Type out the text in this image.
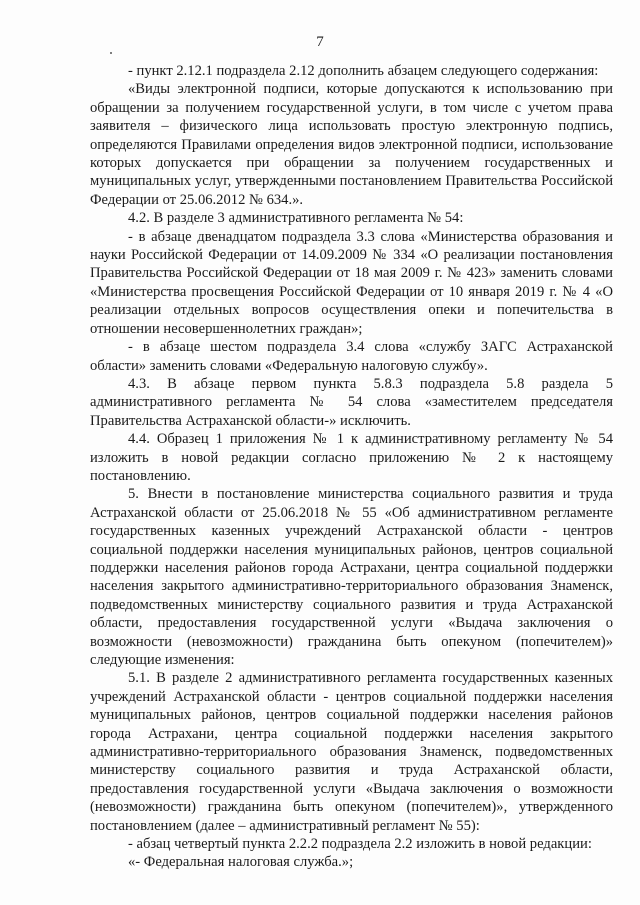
7

- пункт 2.12.1 подраздела 2.12 дополнить абзацем следующего содержания:

«Виды электронной подписи, которые допускаются к использованию при обращении за получением государственной услуги, в том числе с учетом права заявителя – физического лица использовать простую электронную подпись, определяются Правилами определения видов электронной подписи, использование которых допускается при обращении за получением государственных и муниципальных услуг, утвержденными постановлением Правительства Российской Федерации от 25.06.2012 № 634.».

4.2. В разделе 3 административного регламента № 54:

- в абзаце двенадцатом подраздела 3.3 слова «Министерства образования и науки Российской Федерации от 14.09.2009 № 334 «О реализации постановления Правительства Российской Федерации от 18 мая 2009 г. № 423» заменить словами «Министерства просвещения Российской Федерации от 10 января 2019 г. № 4 «О реализации отдельных вопросов осуществления опеки и попечительства в отношении несовершеннолетних граждан»;

- в абзаце шестом подраздела 3.4 слова «службу ЗАГС Астраханской области» заменить словами «Федеральную налоговую службу».

4.3. В абзаце первом пункта 5.8.3 подраздела 5.8 раздела 5 административного регламента № 54 слова «заместителем председателя Правительства Астраханской области-» исключить.

4.4. Образец 1 приложения № 1 к административному регламенту № 54 изложить в новой редакции согласно приложению № 2 к настоящему постановлению.

5. Внести в постановление министерства социального развития и труда Астраханской области от 25.06.2018 № 55 «Об административном регламенте государственных казенных учреждений Астраханской области - центров социальной поддержки населения муниципальных районов, центров социальной поддержки населения районов города Астрахани, центра социальной поддержки населения закрытого административно-территориального образования Знаменск, подведомственных министерству социального развития и труда Астраханской области, предоставления государственной услуги «Выдача заключения о возможности (невозможности) гражданина быть опекуном (попечителем)» следующие изменения:

5.1. В разделе 2 административного регламента государственных казенных учреждений Астраханской области - центров социальной поддержки населения муниципальных районов, центров социальной поддержки населения районов города Астрахани, центра социальной поддержки населения закрытого административно-территориального образования Знаменск, подведомственных министерству социального развития и труда Астраханской области, предоставления государственной услуги «Выдача заключения о возможности (невозможности) гражданина быть опекуном (попечителем)», утвержденного постановлением (далее – административный регламент № 55):

- абзац четвертый пункта 2.2.2 подраздела 2.2 изложить в новой редакции:

«- Федеральная налоговая служба.»;
